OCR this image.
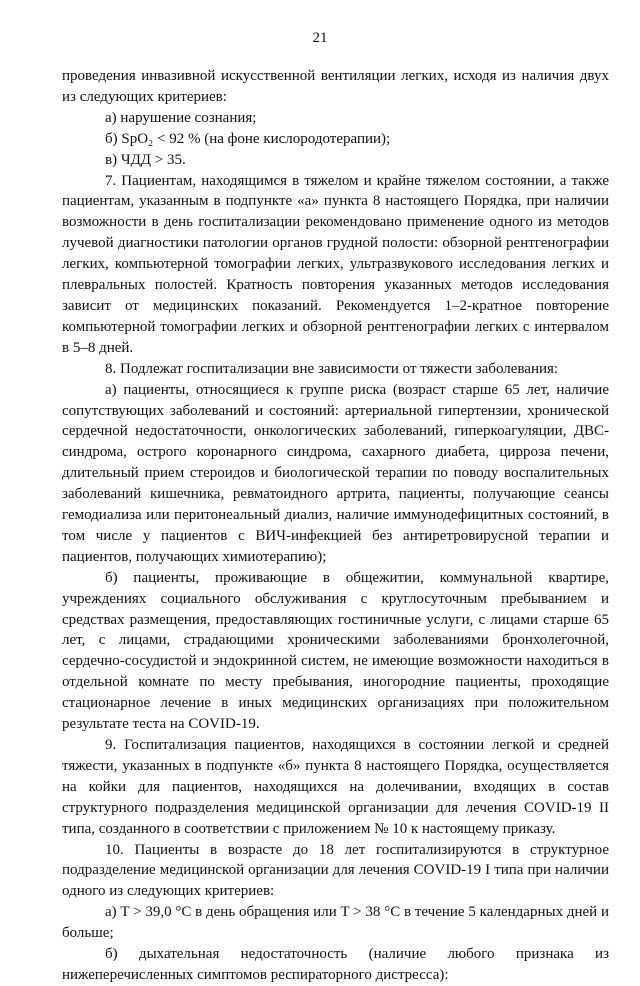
21

проведения инвазивной искусственной вентиляции легких, исходя из наличия двух из следующих критериев:

а) нарушение сознания;

б) SpO₂ < 92 % (на фоне кислородотерапии);

в) ЧДД > 35.

7. Пациентам, находящимся в тяжелом и крайне тяжелом состоянии, а также пациентам, указанным в подпункте «а» пункта 8 настоящего Порядка, при наличии возможности в день госпитализации рекомендовано применение одного из методов лучевой диагностики патологии органов грудной полости: обзорной рентгенографии легких, компьютерной томографии легких, ультразвукового исследования легких и плевральных полостей. Кратность повторения указанных методов исследования зависит от медицинских показаний. Рекомендуется 1–2-кратное повторение компьютерной томографии легких и обзорной рентгенографии легких с интервалом в 5–8 дней.

8. Подлежат госпитализации вне зависимости от тяжести заболевания:

а) пациенты, относящиеся к группе риска (возраст старше 65 лет, наличие сопутствующих заболеваний и состояний: артериальной гипертензии, хронической сердечной недостаточности, онкологических заболеваний, гиперкоагуляции, ДВС-синдрома, острого коронарного синдрома, сахарного диабета, цирроза печени, длительный прием стероидов и биологической терапии по поводу воспалительных заболеваний кишечника, ревматоидного артрита, пациенты, получающие сеансы гемодиализа или перитонеальный диализ, наличие иммунодефицитных состояний, в том числе у пациентов с ВИЧ-инфекцией без антиретровирусной терапии и пациентов, получающих химиотерапию);

б) пациенты, проживающие в общежитии, коммунальной квартире, учреждениях социального обслуживания с круглосуточным пребыванием и средствах размещения, предоставляющих гостиничные услуги, с лицами старше 65 лет, с лицами, страдающими хроническими заболеваниями бронхолегочной, сердечно-сосудистой и эндокринной систем, не имеющие возможности находиться в отдельной комнате по месту пребывания, иногородние пациенты, проходящие стационарное лечение в иных медицинских организациях при положительном результате теста на COVID-19.

9. Госпитализация пациентов, находящихся в состоянии легкой и средней тяжести, указанных в подпункте «б» пункта 8 настоящего Порядка, осуществляется на койки для пациентов, находящихся на долечивании, входящих в состав структурного подразделения медицинской организации для лечения COVID-19 II типа, созданного в соответствии с приложением № 10 к настоящему приказу.

10. Пациенты в возрасте до 18 лет госпитализируются в структурное подразделение медицинской организации для лечения COVID-19 I типа при наличии одного из следующих критериев:

а) T > 39,0 °C в день обращения или T > 38 °C в течение 5 календарных дней и больше;

б) дыхательная недостаточность (наличие любого признака из нижеперечисленных симптомов респираторного дистресса):
